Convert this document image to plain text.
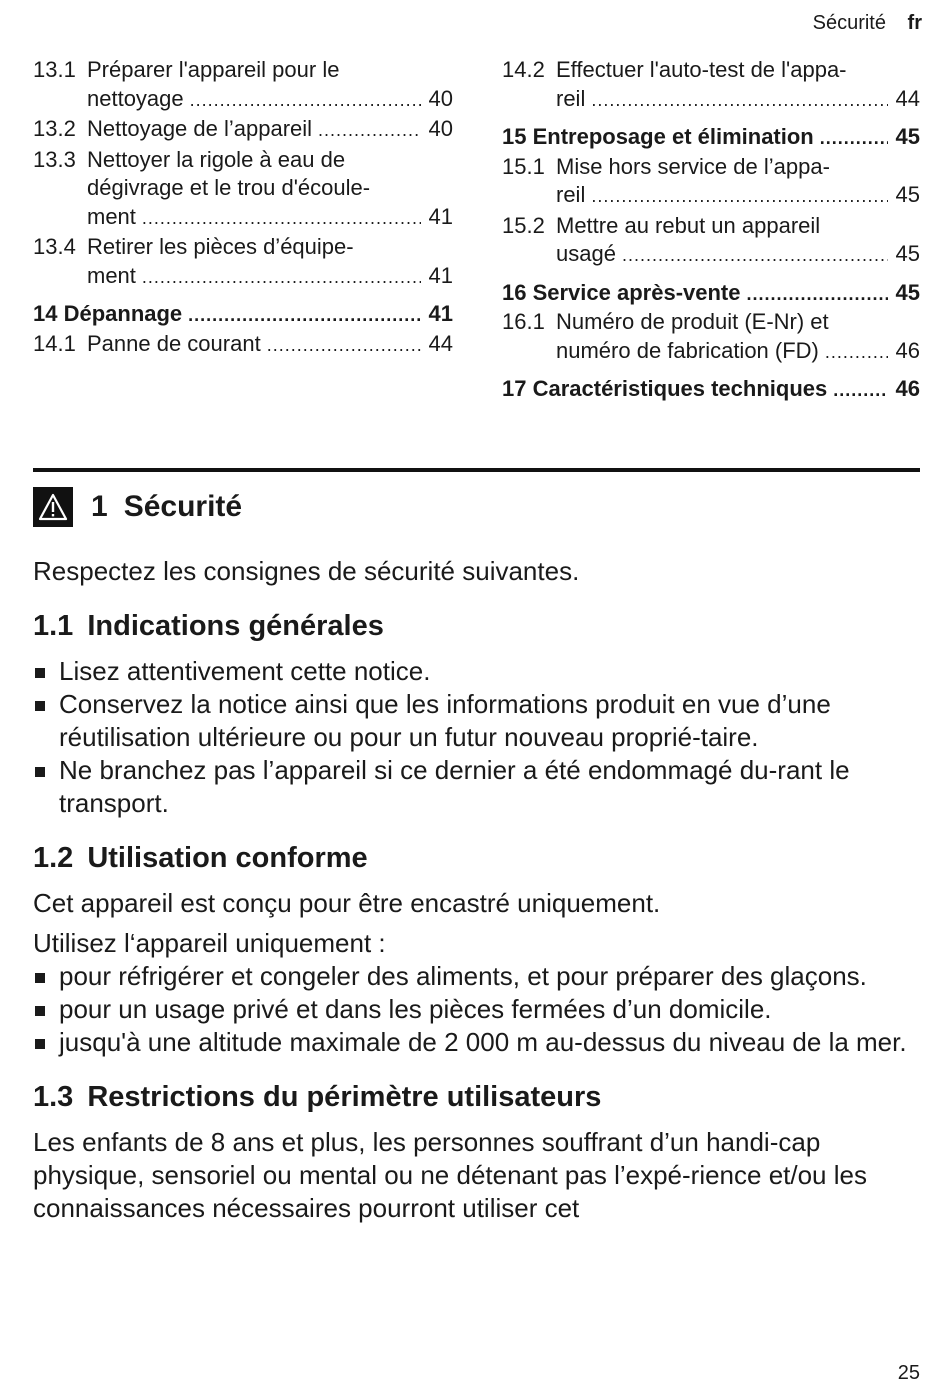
Sécurité fr
13.1 Préparer l'appareil pour le
nettoyage .....	40
13.2 Nettoyage de l’appareil .....	40
13.3 Nettoyer la rigole à eau de
dégivrage et le trou d'écoule-
ment .....	41
13.4 Retirer les pièces d’équipe-
ment .....	41
14 Dépannage .....	41
14.1 Panne de courant .....	44
14.2 Effectuer l'auto-test de l'appa-
reil .....	44
15 Entreposage et élimination .....	45
15.1 Mise hors service de l’appa-
reil .....	45
15.2 Mettre au rebut un appareil
usagé .....	45
16 Service après-vente .....	45
16.1 Numéro de produit (E-Nr) et
numéro de fabrication (FD) .....	46
17 Caractéristiques techniques .....	46
1 Sécurité

Respectez les consignes de sécurité suivantes.

1.1 Indications générales
Lisez attentivement cette notice.
Conservez la notice ainsi que les informations produit en vue d’une réutilisation ultérieure ou pour un futur nouveau proprié-taire.
Ne branchez pas l’appareil si ce dernier a été endommagé du-rant le transport.
1.2 Utilisation conforme

Cet appareil est conçu pour être encastré uniquement.

Utilisez l‘appareil uniquement :

pour réfrigérer et congeler des aliments, et pour préparer des glaçons.
pour un usage privé et dans les pièces fermées d’un domicile.
jusqu'à une altitude maximale de 2 000 m au-dessus du niveau de la mer.
1.3 Restrictions du périmètre utilisateurs

Les enfants de 8 ans et plus, les personnes souffrant d’un handi-cap physique, sensoriel ou mental ou ne détenant pas l’expé-rience et/ou les connaissances nécessaires pourront utiliser cet

25
